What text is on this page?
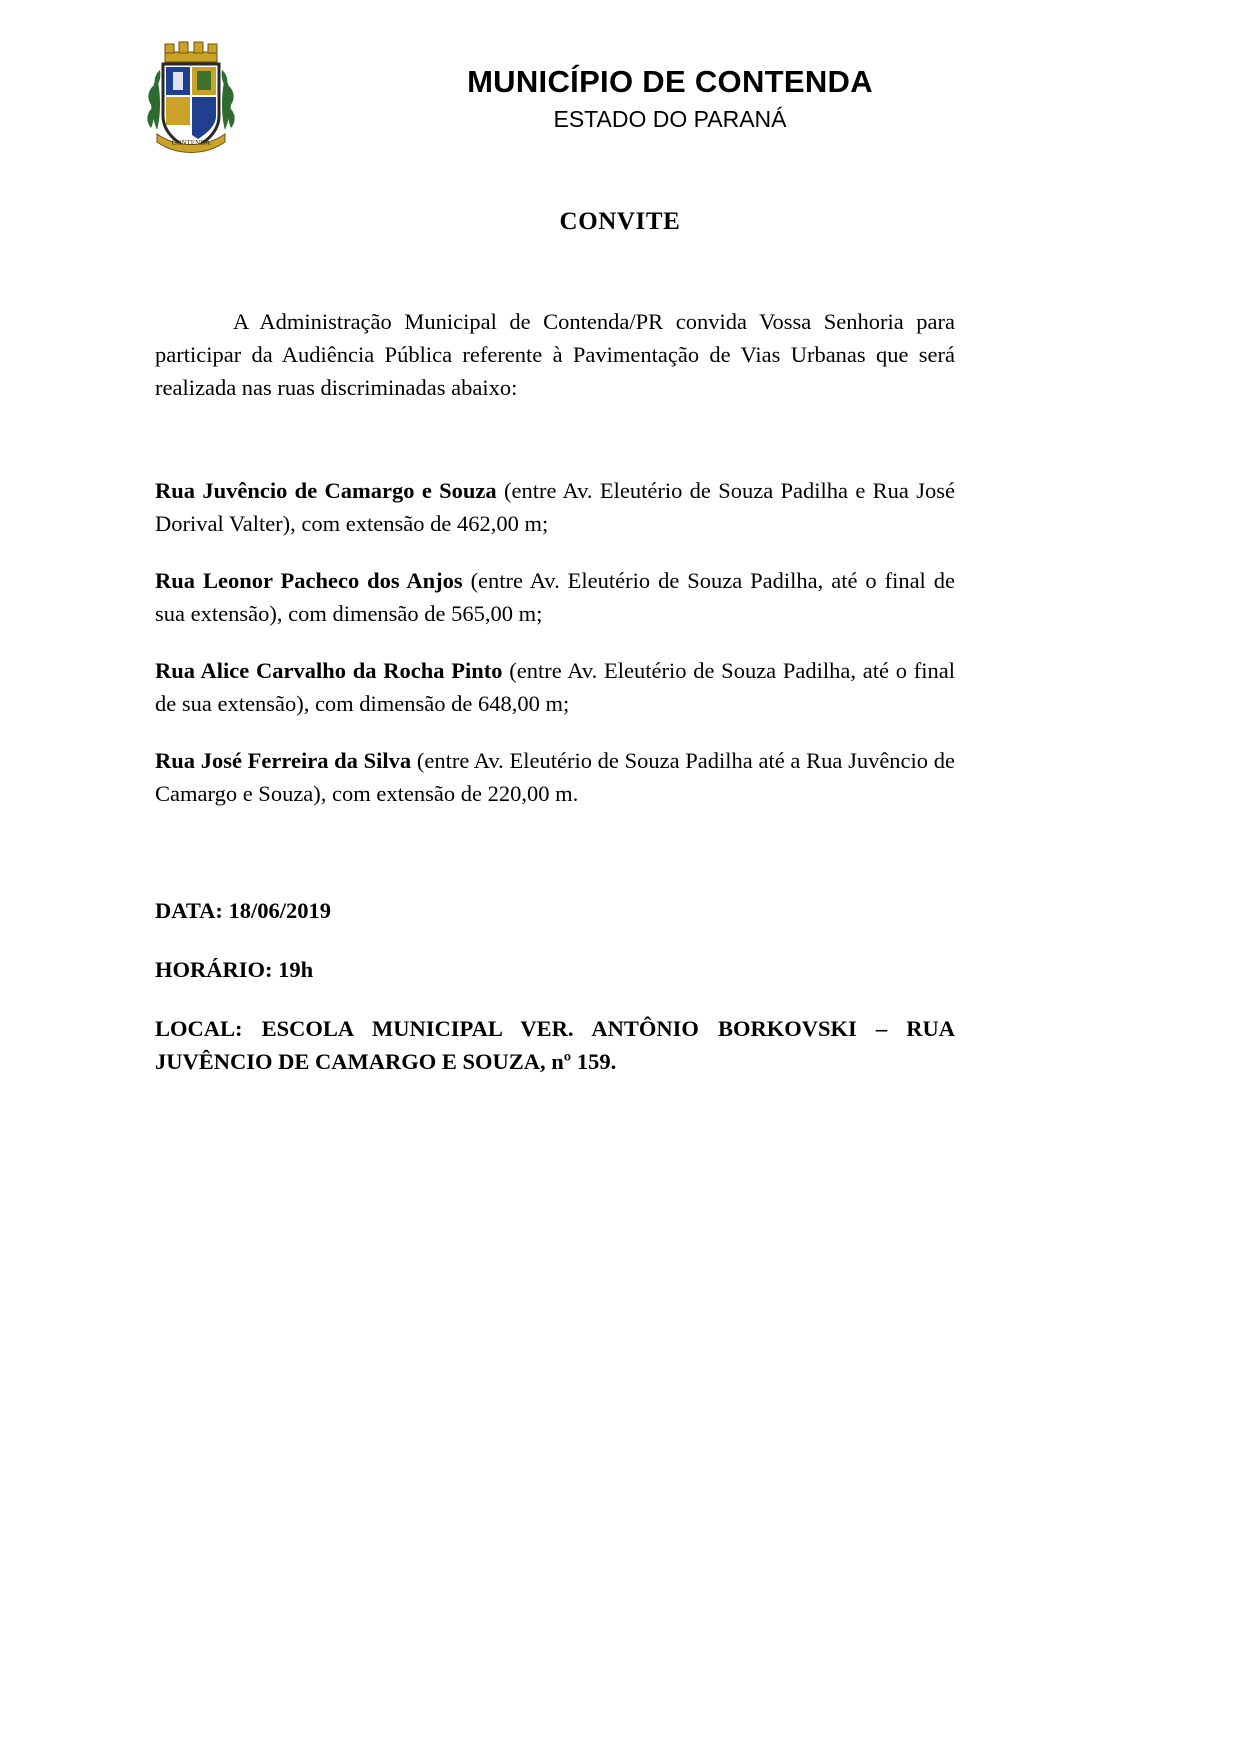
CONTENDA
MUNICÍPIO DE CONTENDA
ESTADO DO PARANÁ
CONVITE

A Administração Municipal de Contenda/PR convida Vossa Senhoria para participar da Audiência Pública referente à Pavimentação de Vias Urbanas que será realizada nas ruas discriminadas abaixo:

Rua Juvêncio de Camargo e Souza (entre Av. Eleutério de Souza Padilha e Rua José Dorival Valter), com extensão de 462,00 m;

Rua Leonor Pacheco dos Anjos (entre Av. Eleutério de Souza Padilha, até o final de sua extensão), com dimensão de 565,00 m;

Rua Alice Carvalho da Rocha Pinto (entre Av. Eleutério de Souza Padilha, até o final de sua extensão), com dimensão de 648,00 m;

Rua José Ferreira da Silva (entre Av. Eleutério de Souza Padilha até a Rua Juvêncio de Camargo e Souza), com extensão de 220,00 m.

DATA: 18/06/2019

HORÁRIO: 19h

LOCAL: ESCOLA MUNICIPAL VER. ANTÔNIO BORKOVSKI – RUA JUVÊNCIO DE CAMARGO E SOUZA, nº 159.
